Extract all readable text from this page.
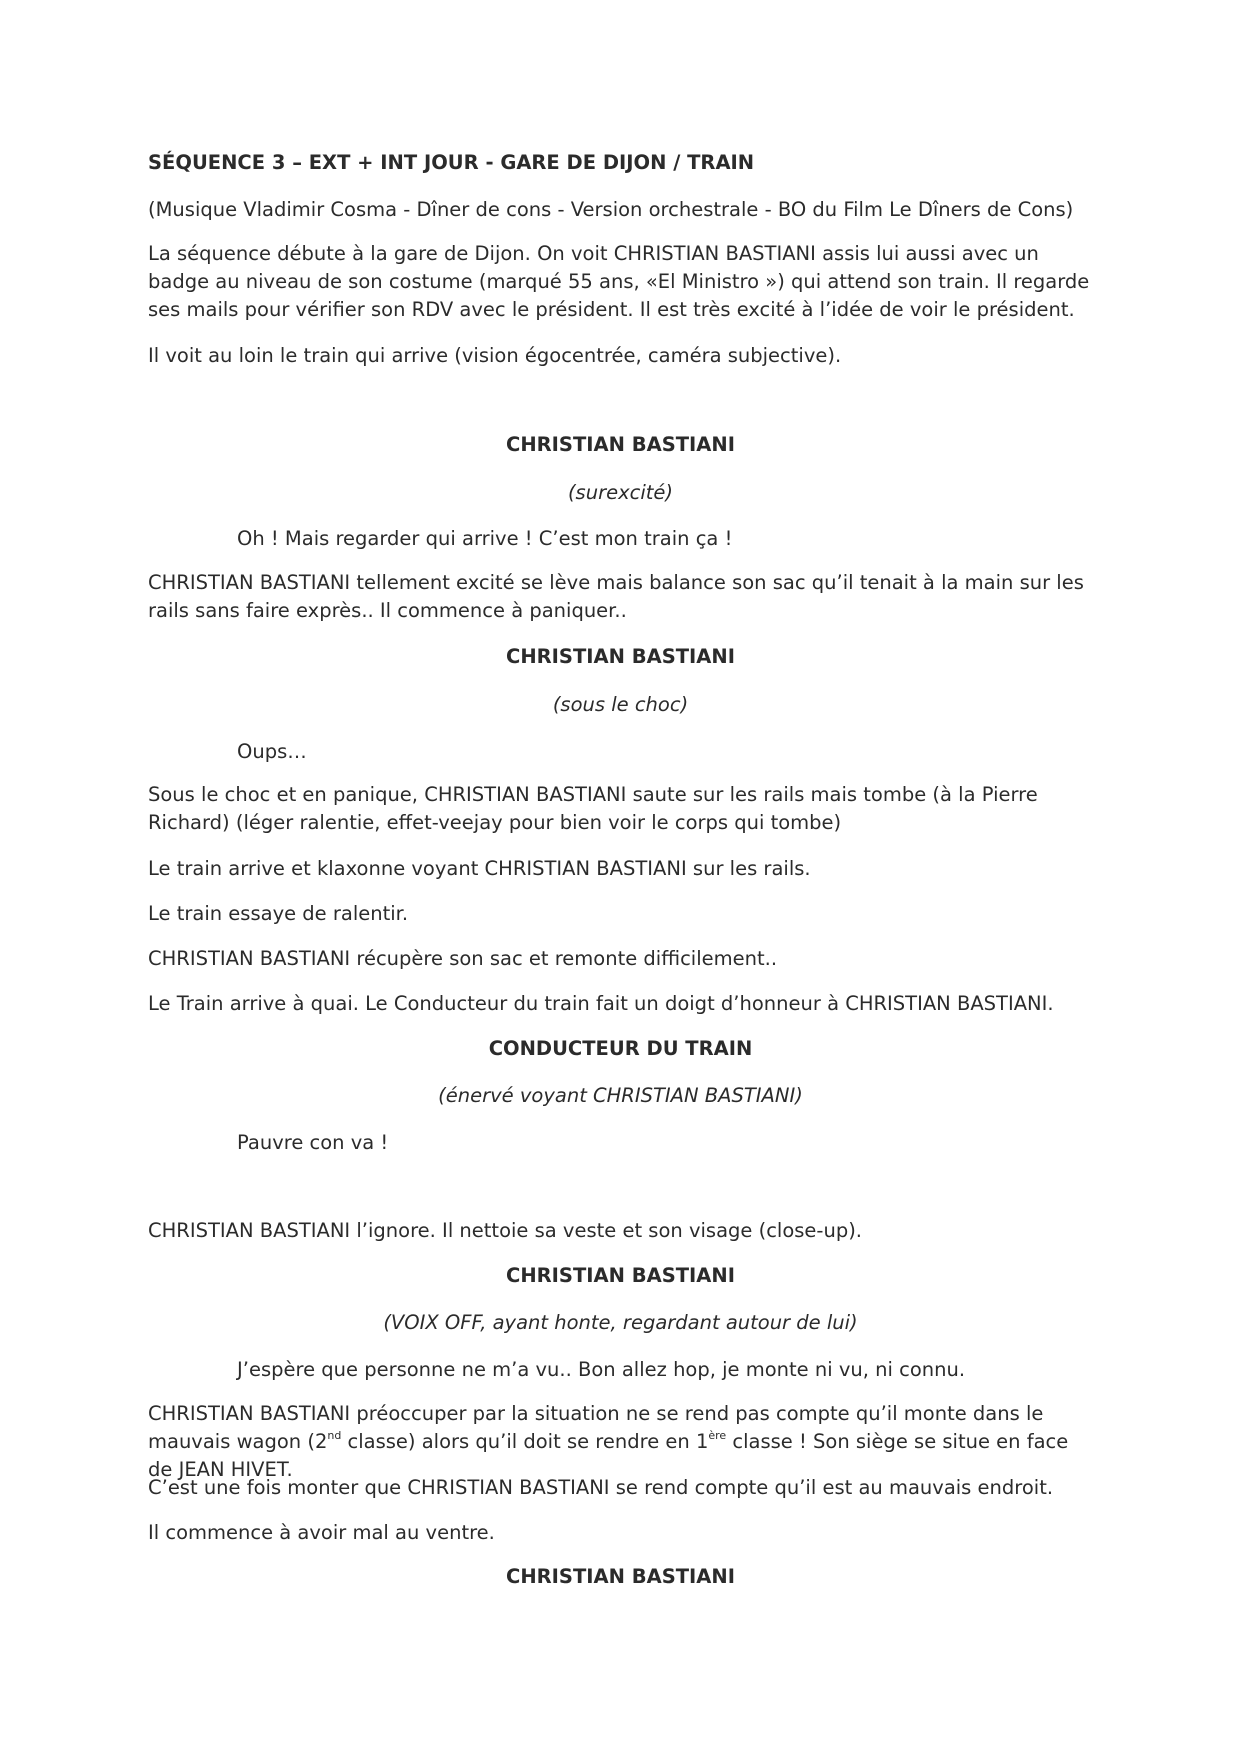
SÉQUENCE 3 – EXT + INT JOUR - GARE DE DIJON / TRAIN

(Musique Vladimir Cosma - Dîner de cons - Version orchestrale - BO du Film Le Dîners de Cons)

La séquence débute à la gare de Dijon. On voit CHRISTIAN BASTIANI assis lui aussi avec un badge au niveau de son costume (marqué 55 ans, «El Ministro ») qui attend son train. Il regarde ses mails pour vérifier son RDV avec le président. Il est très excité à l’idée de voir le président.

Il voit au loin le train qui arrive (vision égocentrée, caméra subjective).

CHRISTIAN BASTIANI

(surexcité)

Oh ! Mais regarder qui arrive ! C’est mon train ça !

CHRISTIAN BASTIANI tellement excité se lève mais balance son sac qu’il tenait à la main sur les rails sans faire exprès.. Il commence à paniquer..

CHRISTIAN BASTIANI

(sous le choc)

Oups…

Sous le choc et en panique, CHRISTIAN BASTIANI saute sur les rails mais tombe (à la Pierre Richard) (léger ralentie, effet-veejay pour bien voir le corps qui tombe)

Le train arrive et klaxonne voyant CHRISTIAN BASTIANI sur les rails.

Le train essaye de ralentir.

CHRISTIAN BASTIANI récupère son sac et remonte difficilement..

Le Train arrive à quai. Le Conducteur du train fait un doigt d’honneur à CHRISTIAN BASTIANI.

CONDUCTEUR DU TRAIN

(énervé voyant CHRISTIAN BASTIANI)

Pauvre con va !

CHRISTIAN BASTIANI l’ignore. Il nettoie sa veste et son visage (close-up).

CHRISTIAN BASTIANI

(VOIX OFF, ayant honte, regardant autour de lui)

J’espère que personne ne m’a vu.. Bon allez hop, je monte ni vu, ni connu.

CHRISTIAN BASTIANI préoccuper par la situation ne se rend pas compte qu’il monte dans le mauvais wagon (2nd classe) alors qu’il doit se rendre en 1ère classe ! Son siège se situe en face de JEAN HIVET.

C’est une fois monter que CHRISTIAN BASTIANI se rend compte qu’il est au mauvais endroit.

Il commence à avoir mal au ventre.

CHRISTIAN BASTIANI
